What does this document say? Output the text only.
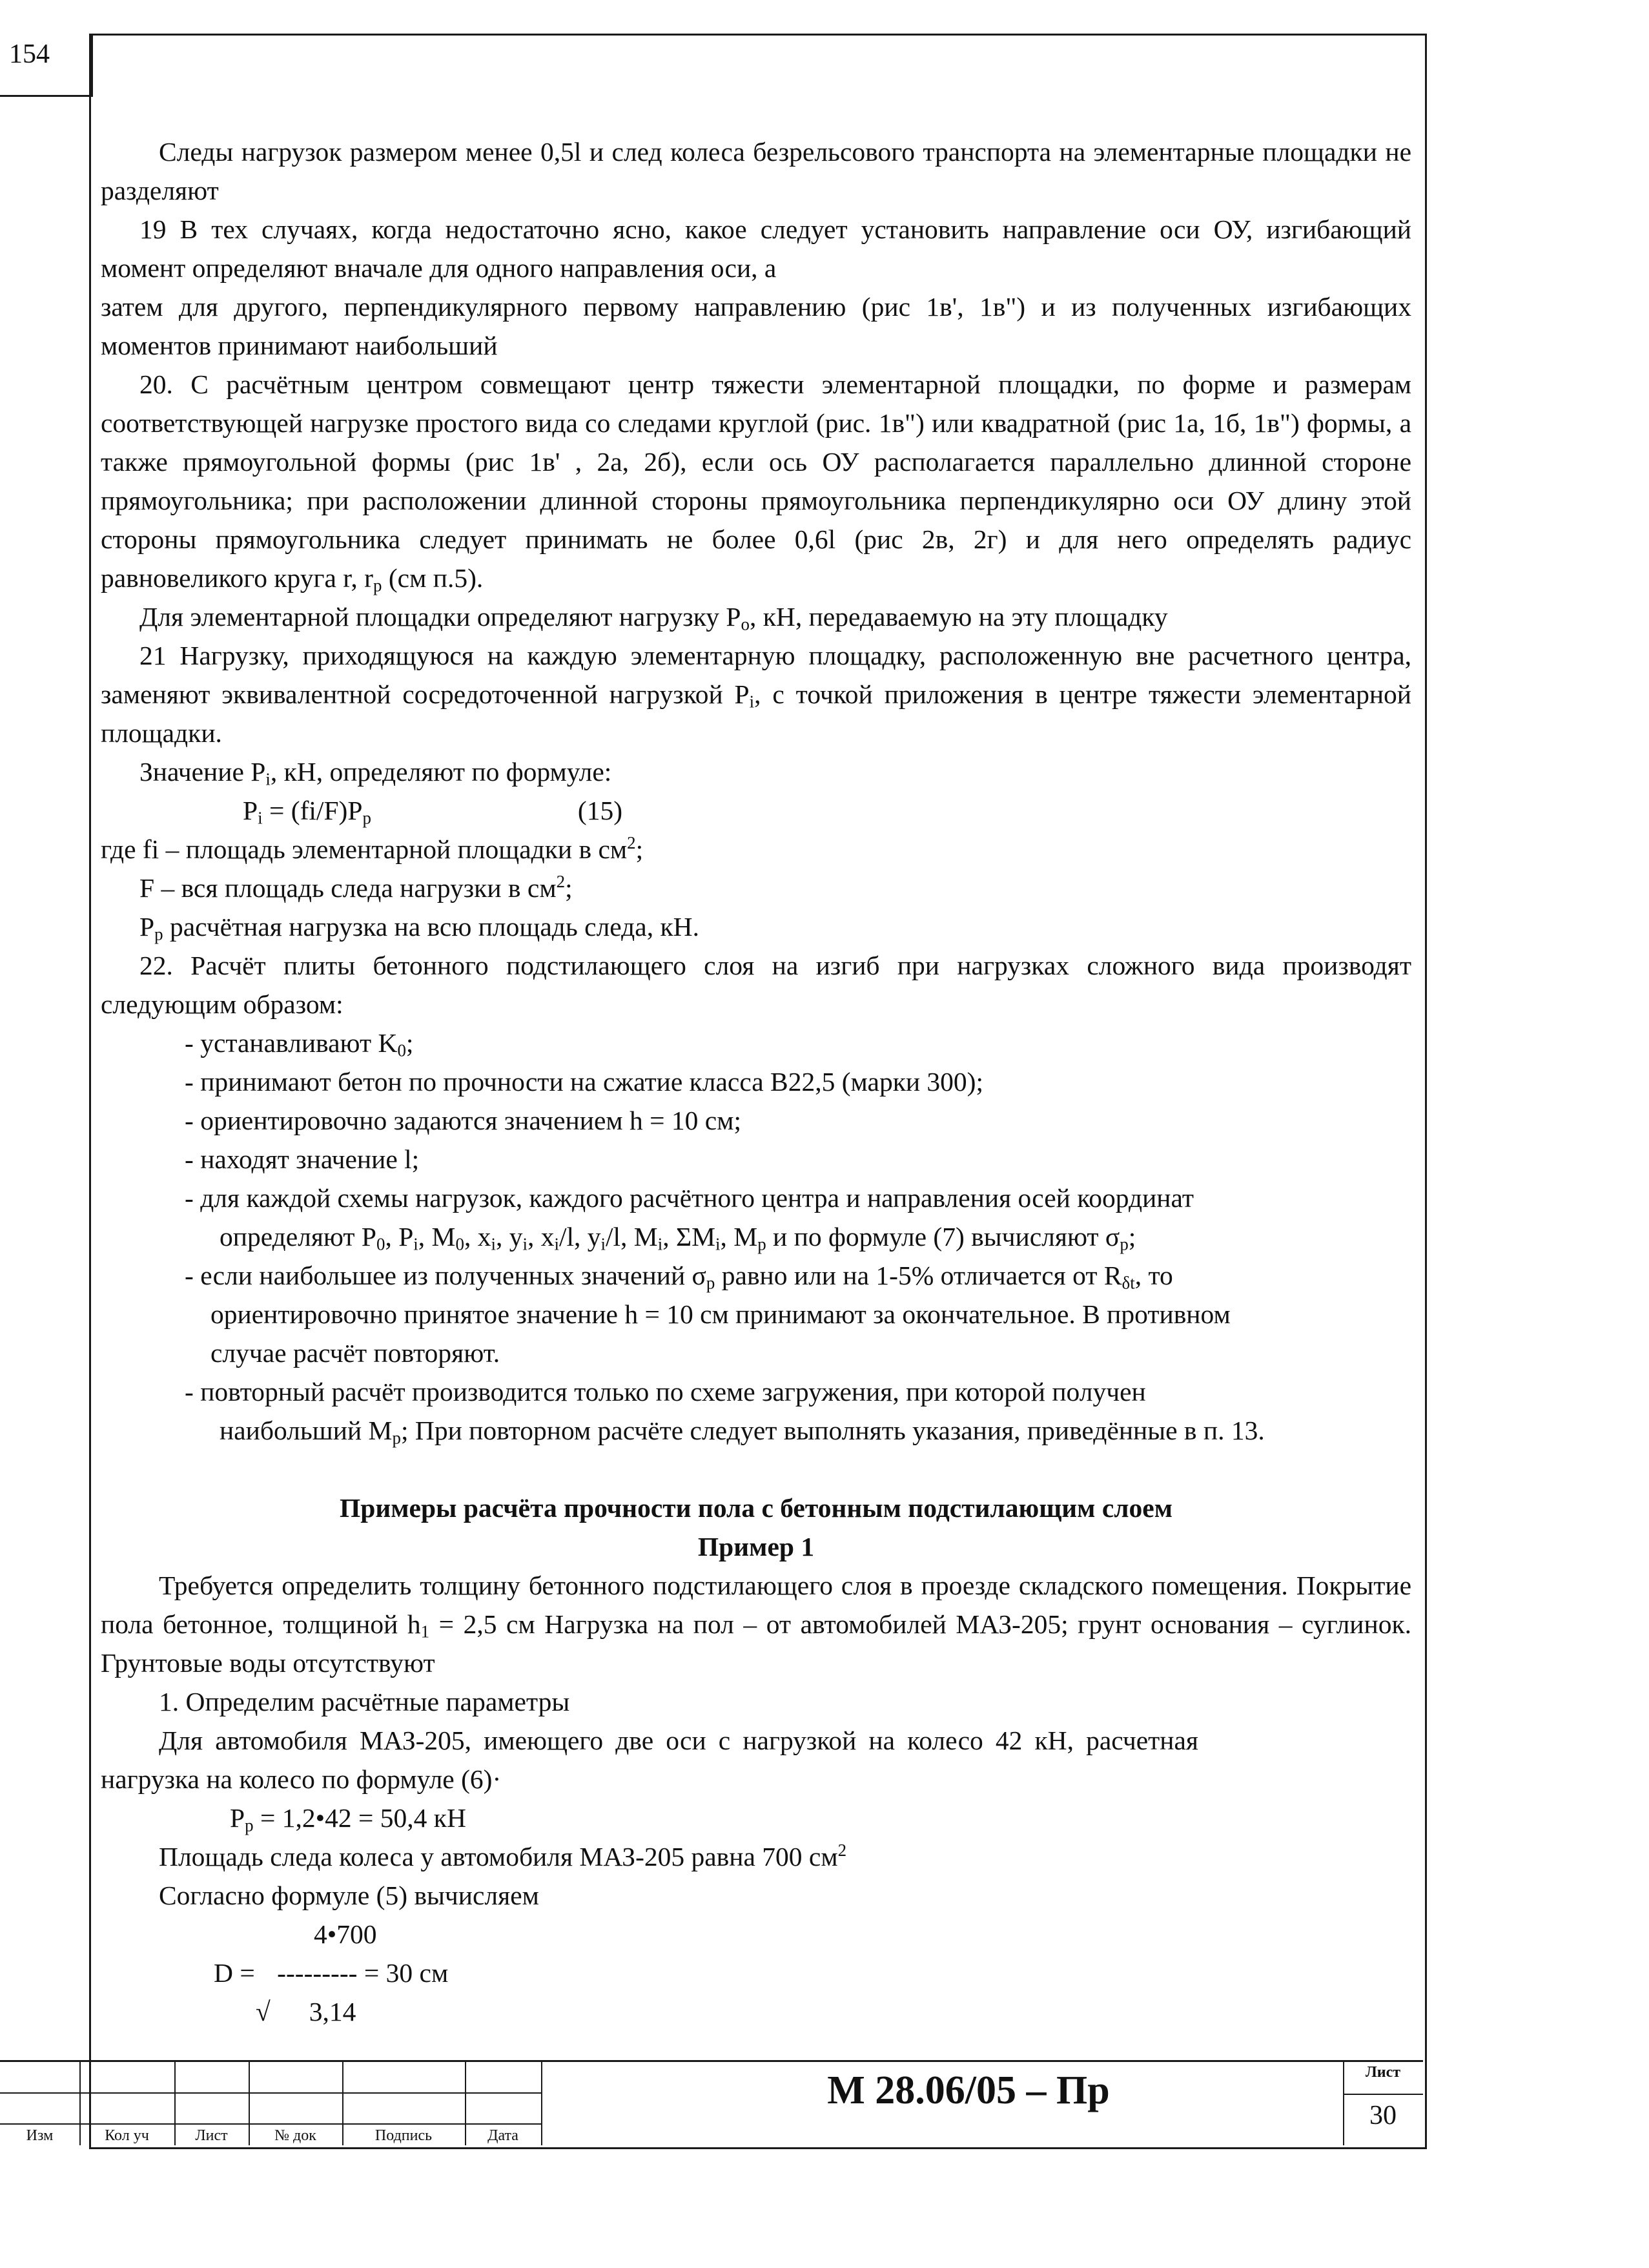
154

Следы нагрузок размером менее 0,5l и след колеса безрельсового транспорта на элементарные площадки не разделяют

19 В тех случаях, когда недостаточно ясно, какое следует установить направление оси ОУ, изгибающий момент определяют вначале для одного направления оси, а

затем для другого, перпендикулярного первому направлению (рис 1в', 1в") и из полученных изгибающих моментов принимают наибольший

20. С расчётным центром совмещают центр тяжести элементарной площадки, по форме и размерам соответствующей нагрузке простого вида со следами круглой (рис. 1в") или квадратной (рис 1а, 1б, 1в") формы, а также прямоугольной формы (рис 1в' , 2а, 2б), если ось ОУ располагается параллельно длинной стороне прямоугольника; при расположении длинной стороны прямоугольника перпендикулярно оси ОУ длину этой стороны прямоугольника следует принимать не более 0,6l (рис 2в, 2г) и для него определять радиус равновеликого круга r, $r_p$ (см п.5).

Для элементарной площадки определяют нагрузку $P_o$, кН, передаваемую на эту площадку

21 Нагрузку, приходящуюся на каждую элементарную площадку, расположенную вне расчетного центра, заменяют эквивалентной сосредоточенной нагрузкой $P_i$, с точкой приложения в центре тяжести элементарной площадки.

Значение $P_i$, кН, определяют по формуле:

$P_i = (fi/F)P_p$	(15)

где fi – площадь элементарной площадки в $см^2$;

F – вся площадь следа нагрузки в $см^2$;

$P_p$ расчётная нагрузка на всю площадь следа, кН.

22. Расчёт плиты бетонного подстилающего слоя на изгиб при нагрузках сложного вида производят следующим образом:

- устанавливают $K_0$;

- принимают бетон по прочности на сжатие класса В22,5 (марки 300);

- ориентировочно задаются значением h = 10 см;

- находят значение l;

- для каждой схемы нагрузок, каждого расчётного центра и направления осей координат определяют $P_0$, $P_i$, $M_0$, $x_i$, $y_i$, $x_i/l$, $y_i/l$, $M_i$, $\Sigma M_i$, $M_p$ и по формуле (7) вычисляют $\sigma_p$;

- если наибольшее из полученных значений $\sigma_p$ равно или на 1-5% отличается от $R_{\delta t}$, то ориентировочно принятое значение h = 10 см принимают за окончательное. В противном случае расчёт повторяют.

- повторный расчёт производится только по схеме загружения, при которой получен наибольший $M_p$; При повторном расчёте следует выполнять указания, приведённые в п. 13.

Примеры расчёта прочности пола с бетонным подстилающим слоем

Пример 1

Требуется определить толщину бетонного подстилающего слоя в проезде складского помещения. Покрытие пола бетонное, толщиной $h_1 = 2,5$ см Нагрузка на пол – от автомобилей МАЗ-205; грунт основания – суглинок. Грунтовые воды отсутствуют

1. Определим расчётные параметры

Для автомобиля МАЗ-205, имеющего две оси с нагрузкой на колесо 42 кН, расчетная нагрузка на колесо по формуле (6)·

$P_p$ = 1,2•42 = 50,4 кН

Площадь следа колеса у автомобиля МАЗ-205 равна 700 $см^2$

Согласно формуле (5) вычисляем

4•700

D = --------- = 30 см

√ 3,14

Изм	Кол уч	Лист	№ док	Подпись	Дата
М 28.06/05 – Пр	Лист
30
